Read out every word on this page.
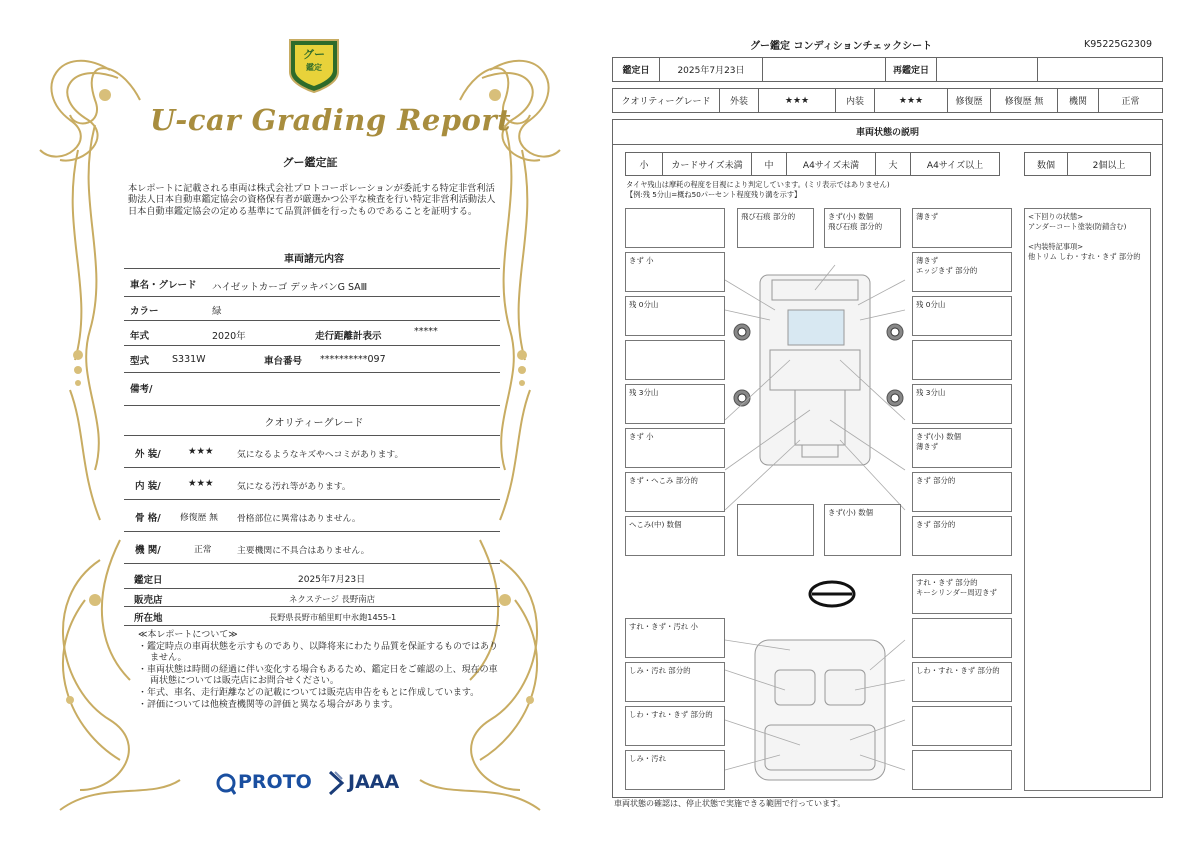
グー
鑑定
U-car Grading Report
グー鑑定証
本レポートに記載される車両は株式会社プロトコーポレーションが委託する特定非営利活動法人日本自動車鑑定協会の資格保有者が厳選かつ公平な検査を行い特定非営利活動法人日本自動車鑑定協会の定める基準にて品質評価を行ったものであることを証明する。
車両諸元内容
車名・グレード ハイゼットカーゴ デッキバンG SAⅢ
カラー	緑
年式	2020年	走行距離計表示	*****
型式 S331W	車台番号 **********097
備考/
クオリティーグレード
外 装/	★★★	気になるようなキズやヘコミがあります。
内 装/	★★★	気になる汚れ等があります。
骨 格/ 修復歴 無 骨格部位に異常はありません。
機 関/	正常	主要機関に不具合はありません。
鑑定日	2025年7月23日
販売店	ネクステージ 長野南店
所在地	長野県長野市稲里町中氷鉋1455-1
≪本レポートについて≫
・鑑定時点の車両状態を示すものであり、以降将来にわたり品質を保証するものではありません。
・車両状態は時間の経過に伴い変化する場合もあるため、鑑定日をご確認の上、現在の車両状態については販売店にお問合せください。
・年式、車名、走行距離などの記載については販売店申告をもとに作成しています。
・評価については他検査機関等の評価と異なる場合があります。
PROTO JAAA
グー鑑定 コンディションチェックシート	K95225G2309
鑑定日	2025年7月23日	再鑑定日
クオリティーグレード	外装	★★★	内装	★★★	修復歴	修復歴 無	機関	正常
車両状態の説明
小	カードサイズ未満	中	A4サイズ未満	大	A4サイズ以上	数個	2個以上
タイヤ残山は摩耗の程度を目視により判定しています。(ミリ表示ではありません)
【例:残 5分山=概ね50パーセント程度残り溝を示す】
飛び石痕 部分的	きず(小) 数個
飛び石痕 部分的
薄きず
きず 小	薄きず
エッジきず 部分的
残 0分山	残 0分山
残 3分山	残 3分山
きず 小	きず(小) 数個
薄きず
きず・へこみ 部分的	きず 部分的
へこみ(中) 数個
きず(小) 数個
きず 部分的
すれ・きず 部分的
キーシリンダー周辺きず
すれ・きず・汚れ 小
しみ・汚れ 部分的	しわ・すれ・きず 部分的
しわ・すれ・きず 部分的
しみ・汚れ
<下回りの状態>
アンダーコート塗装(防錆含む)
<内装特記事項>
他トリム しわ・すれ・きず 部分的
車両状態の確認は、停止状態で実施できる範囲で行っています。
